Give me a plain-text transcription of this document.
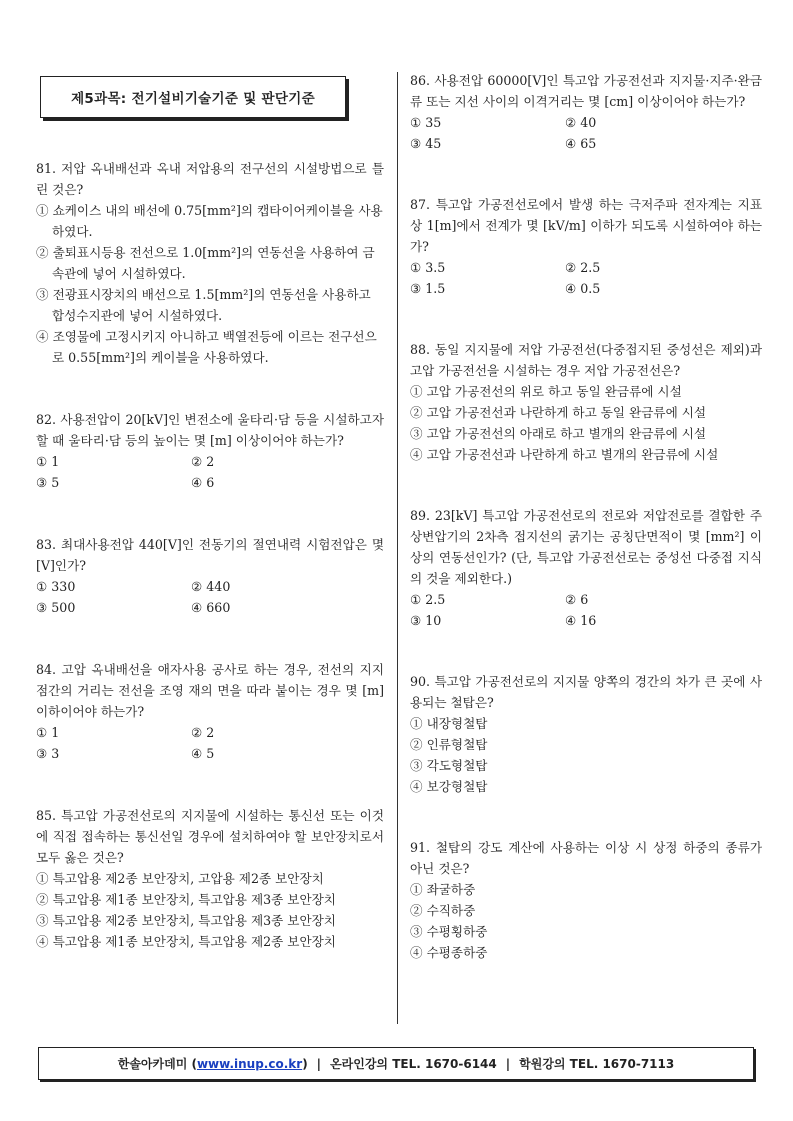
제5과목: 전기설비기술기준 및 판단기준
81. 저압 옥내배선과 옥내 저압용의 전구선의 시설방법으로 틀린 것은?
① 쇼케이스 내의 배선에 0.75[mm²]의 캡타이어케이블을 사용하였다.
② 출퇴표시등용 전선으로 1.0[mm²]의 연동선을 사용하여 금속관에 넣어 시설하였다.
③ 전광표시장치의 배선으로 1.5[mm²]의 연동선을 사용하고 합성수지관에 넣어 시설하였다.
④ 조영물에 고정시키지 아니하고 백열전등에 이르는 전구선으로 0.55[mm²]의 케이블을 사용하였다.
82. 사용전압이 20[kV]인 변전소에 울타리·담 등을 시설하고자 할 때 울타리·담 등의 높이는 몇 [m] 이상이어야 하는가?
① 1	② 2
③ 5	④ 6
83. 최대사용전압 440[V]인 전동기의 절연내력 시험전압은 몇 [V]인가?
① 330	② 440
③ 500	④ 660
84. 고압 옥내배선을 애자사용 공사로 하는 경우, 전선의 지지점간의 거리는 전선을 조영 재의 면을 따라 붙이는 경우 몇 [m] 이하이어야 하는가?
① 1	② 2
③ 3	④ 5
85. 특고압 가공전선로의 지지물에 시설하는 통신선 또는 이것에 직접 접속하는 통신선일 경우에 설치하여야 할 보안장치로서 모두 옳은 것은?
① 특고압용 제2종 보안장치, 고압용 제2종 보안장치
② 특고압용 제1종 보안장치, 특고압용 제3종 보안장치
③ 특고압용 제2종 보안장치, 특고압용 제3종 보안장치
④ 특고압용 제1종 보안장치, 특고압용 제2종 보안장치
86. 사용전압 60000[V]인 특고압 가공전선과 지지물·지주·완금류 또는 지선 사이의 이격거리는 몇 [cm] 이상이어야 하는가?
① 35	② 40
③ 45	④ 65
87. 특고압 가공전선로에서 발생 하는 극저주파 전자계는 지표상 1[m]에서 전계가 몇 [kV/m] 이하가 되도록 시설하여야 하는가?
① 3.5	② 2.5
③ 1.5	④ 0.5
88. 동일 지지물에 저압 가공전선(다중접지된 중성선은 제외)과 고압 가공전선을 시설하는 경우 저압 가공전선은?
① 고압 가공전선의 위로 하고 동일 완금류에 시설
② 고압 가공전선과 나란하게 하고 동일 완금류에 시설
③ 고압 가공전선의 아래로 하고 별개의 완금류에 시설
④ 고압 가공전선과 나란하게 하고 별개의 완금류에 시설
89. 23[kV] 특고압 가공전선로의 전로와 저압전로를 결합한 주상변압기의 2차측 접지선의 굵기는 공칭단면적이 몇 [mm²] 이상의 연동선인가? (단, 특고압 가공전선로는 중성선 다중접 지식의 것을 제외한다.)
① 2.5	② 6
③ 10	④ 16
90. 특고압 가공전선로의 지지물 양쪽의 경간의 차가 큰 곳에 사용되는 철탑은?
① 내장형철탑
② 인류형철탑
③ 각도형철탑
④ 보강형철탑
91. 철탑의 강도 계산에 사용하는 이상 시 상정 하중의 종류가 아닌 것은?
① 좌굴하중
② 수직하중
③ 수평횡하중
④ 수평종하중
한솔아카데미 ( www.inup.co.kr ) | 온라인강의 TEL. 1670-6144 | 학원강의 TEL. 1670-7113
